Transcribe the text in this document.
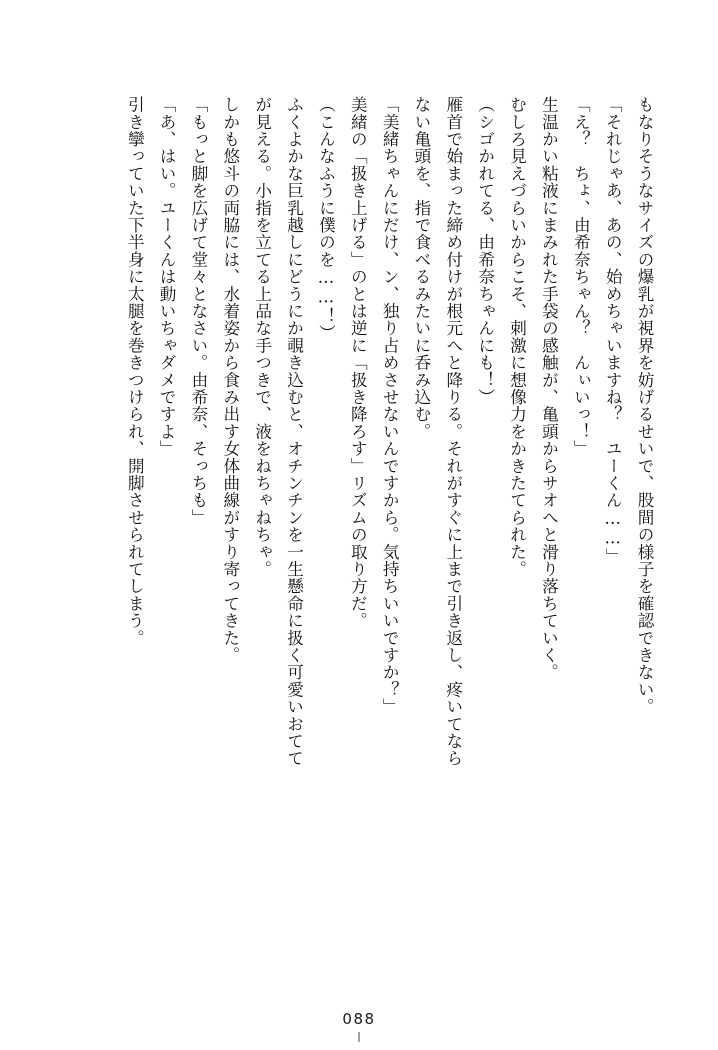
もなりそうなサイズの爆乳が視界を妨げるせいで、股間の様子を確認できない。

「それじゃあ、あの、始めちゃいますね？　ユーくん……」

「え？　ちょ、由希奈ちゃん？　んぃいっ！」

生温かい粘液にまみれた手袋の感触が、亀頭からサオへと滑り落ちていく。

むしろ見えづらいからこそ、刺激に想像力をかきたてられた。

（シゴかれてる、由希奈ちゃんにも！）

雁首で始まった締め付けが根元へと降りる。それがすぐに上まで引き返し、疼いてなら

ない亀頭を、指で食べるみたいに呑み込む。

「美緒ちゃんにだけ、ン、独り占めさせないんですから。気持ちいいですか？」

美緒の「扱き上げる」のとは逆に「扱き降ろす」リズムの取り方だ。

（こんなふうに僕のを……！）

ふくよかな巨乳越しにどうにか覗き込むと、オチンチンを一生懸命に扱く可愛いおてて

が見える。小指を立てる上品な手つきで、液をねちゃねちゃ。

しかも悠斗の両脇には、水着姿から食み出す女体曲線がすり寄ってきた。

「もっと脚を広げて堂々となさい。由希奈、そっちも」

「あ、はい。ユーくんは動いちゃダメですよ」

引き攣っていた下半身に太腿を巻きつけられ、開脚させられてしまう。

088
